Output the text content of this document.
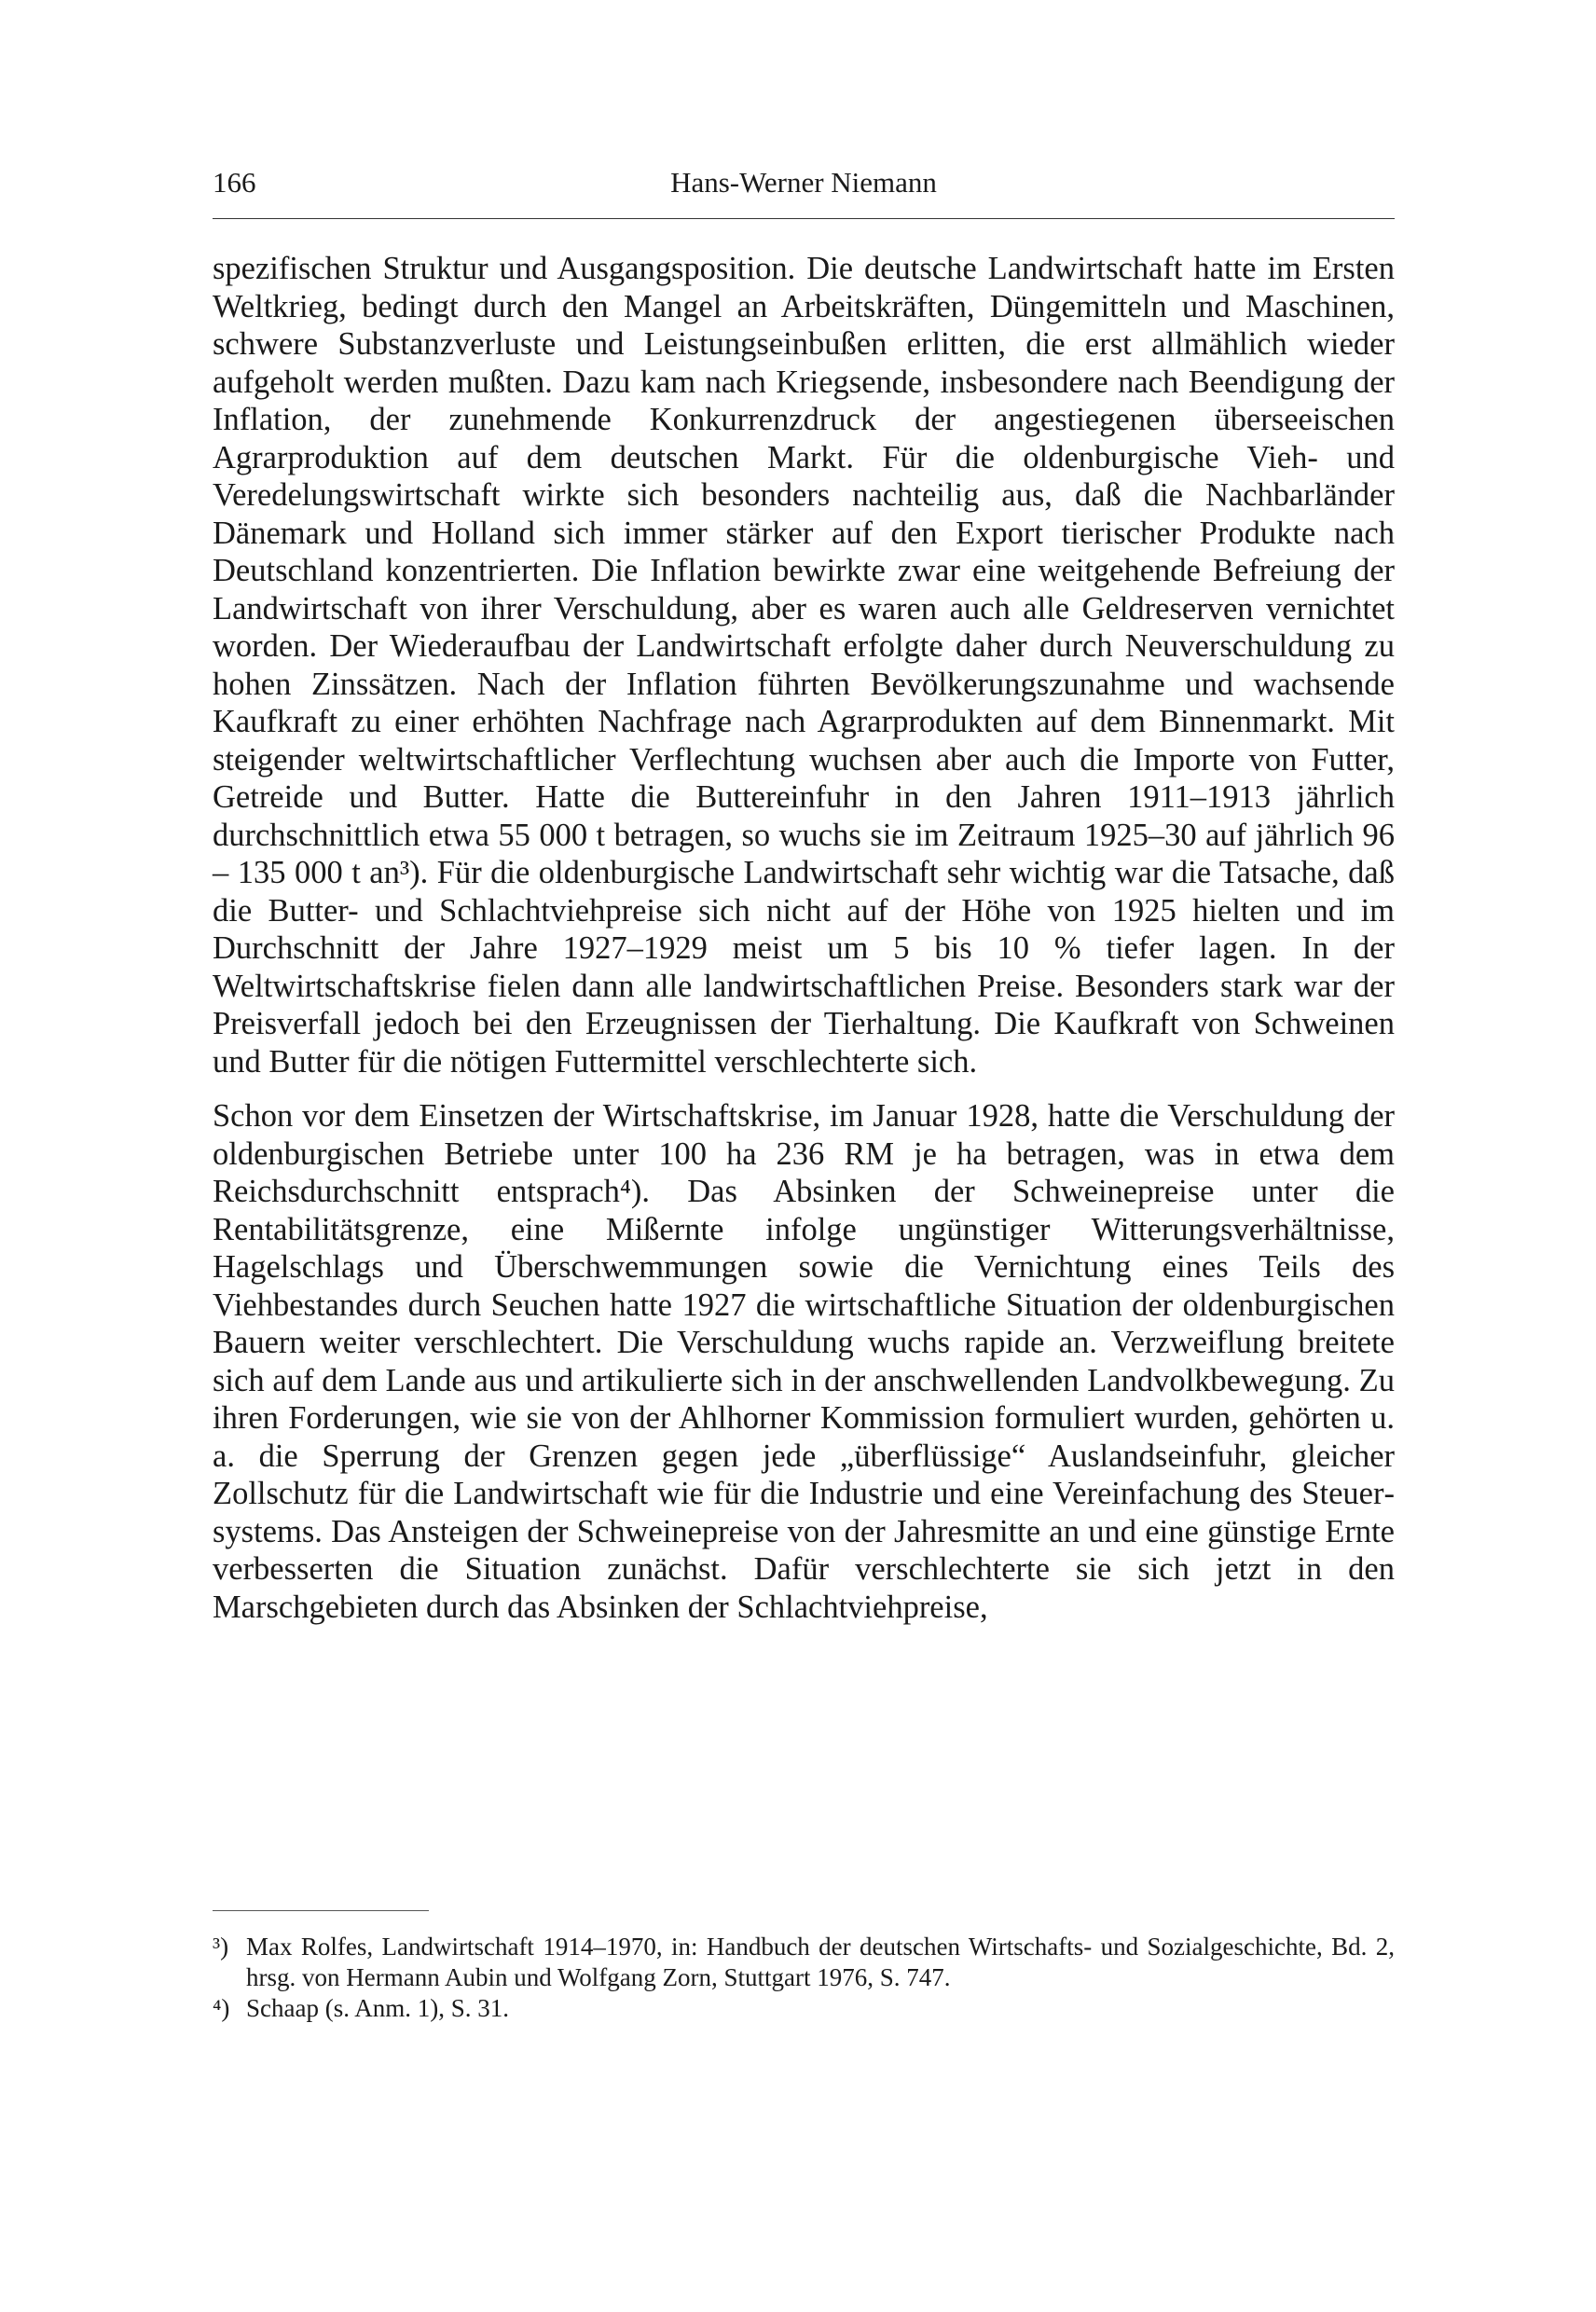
166	Hans-Werner Niemann

spezifischen Struktur und Ausgangsposition. Die deutsche Landwirtschaft hatte im Ersten Weltkrieg, bedingt durch den Mangel an Arbeitskräften, Düngemitteln und Maschinen, schwere Substanzverluste und Leistungseinbußen erlitten, die erst allmählich wieder aufgeholt werden mußten. Dazu kam nach Kriegsende, insbesondere nach Beendigung der Inflation, der zunehmende Konkurrenzdruck der angestiegenen überseeischen Agrarproduktion auf dem deutschen Markt. Für die oldenburgische Vieh- und Veredelungswirtschaft wirkte sich besonders nachteilig aus, daß die Nachbarländer Dänemark und Holland sich immer stärker auf den Export tierischer Produkte nach Deutschland konzentrierten. Die Inflation bewirkte zwar eine weitgehende Befreiung der Landwirtschaft von ihrer Verschuldung, aber es waren auch alle Geldreserven vernichtet worden. Der Wiederaufbau der Landwirtschaft erfolgte daher durch Neuverschuldung zu hohen Zinssätzen. Nach der Inflation führten Bevölkerungszunahme und wachsende Kaufkraft zu einer erhöhten Nachfrage nach Agrarprodukten auf dem Binnenmarkt. Mit steigender weltwirtschaftlicher Verflechtung wuchsen aber auch die Importe von Futter, Getreide und Butter. Hatte die Buttereinfuhr in den Jahren 1911–1913 jährlich durchschnittlich etwa 55 000 t betragen, so wuchs sie im Zeitraum 1925–30 auf jährlich 96 – 135 000 t an³). Für die oldenburgische Landwirtschaft sehr wichtig war die Tatsache, daß die Butter- und Schlachtviehpreise sich nicht auf der Höhe von 1925 hielten und im Durchschnitt der Jahre 1927–1929 meist um 5 bis 10 % tiefer lagen. In der Weltwirtschaftskrise fielen dann alle landwirtschaftlichen Preise. Besonders stark war der Preisverfall jedoch bei den Erzeugnissen der Tierhaltung. Die Kaufkraft von Schweinen und Butter für die nötigen Futtermittel verschlechterte sich.

Schon vor dem Einsetzen der Wirtschaftskrise, im Januar 1928, hatte die Verschuldung der oldenburgischen Betriebe unter 100 ha 236 RM je ha betragen, was in etwa dem Reichsdurchschnitt entsprach⁴). Das Absinken der Schweinepreise unter die Rentabilitätsgrenze, eine Mißernte infolge ungünstiger Witterungsverhältnisse, Hagelschlags und Überschwemmungen sowie die Vernichtung eines Teils des Viehbestandes durch Seuchen hatte 1927 die wirtschaftliche Situation der oldenburgischen Bauern weiter verschlechtert. Die Verschuldung wuchs rapide an. Verzweiflung breitete sich auf dem Lande aus und artikulierte sich in der anschwellenden Landvolkbewegung. Zu ihren Forderungen, wie sie von der Ahlhorner Kommission formuliert wurden, gehörten u. a. die Sperrung der Grenzen gegen jede „überflüssige“ Auslandseinfuhr, gleicher Zollschutz für die Landwirtschaft wie für die Industrie und eine Vereinfachung des Steuersystems. Das Ansteigen der Schweinepreise von der Jahresmitte an und eine günstige Ernte verbesserten die Situation zunächst. Dafür verschlechterte sie sich jetzt in den Marschgebieten durch das Absinken der Schlachtviehpreise,

³) Max Rolfes, Landwirtschaft 1914–1970, in: Handbuch der deutschen Wirtschafts- und Sozialgeschichte, Bd. 2, hrsg. von Hermann Aubin und Wolfgang Zorn, Stuttgart 1976, S. 747.
⁴) Schaap (s. Anm. 1), S. 31.
